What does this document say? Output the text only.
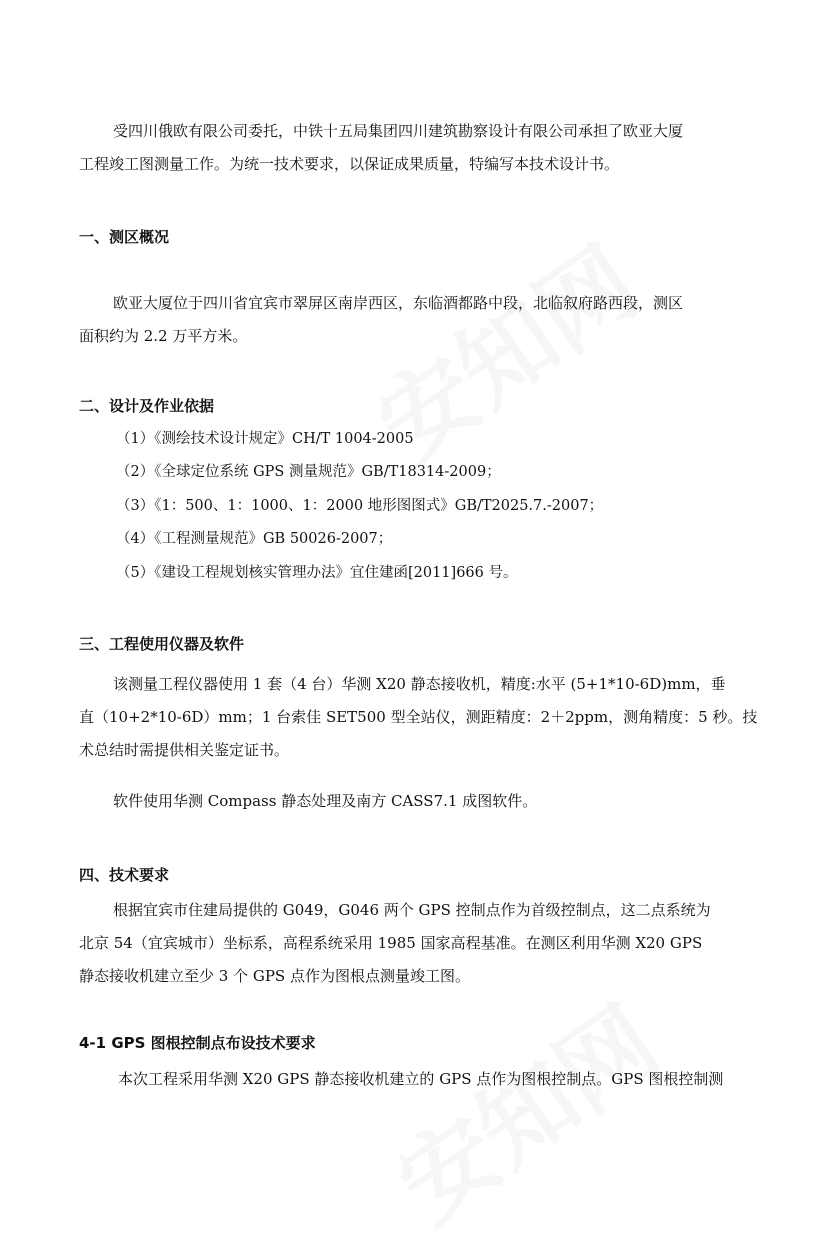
受四川俄欧有限公司委托，中铁十五局集团四川建筑勘察设计有限公司承担了欧亚大厦
工程竣工图测量工作。为统一技术要求，以保证成果质量，特编写本技术设计书。
一、测区概况
欧亚大厦位于四川省宜宾市翠屏区南岸西区，东临酒都路中段，北临叙府路西段，测区
面积约为 2.2 万平方米。
二、设计及作业依据
（1）《测绘技术设计规定》CH/T 1004-2005
（2）《全球定位系统 GPS 测量规范》GB/T18314-2009；
（3）《1：500、1：1000、1：2000 地形图图式》GB/T2025.7.-2007；
（4）《工程测量规范》GB 50026-2007；
（5）《建设工程规划核实管理办法》宜住建函[2011]666 号。
三、工程使用仪器及软件
该测量工程仪器使用 1 套（4 台）华测 X20 静态接收机，精度:水平 (5+1*10-6D)mm，垂
直（10+2*10-6D）mm；1 台索佳 SET500 型全站仪，测距精度：2＋2ppm，测角精度：5 秒。技
术总结时需提供相关鉴定证书。
软件使用华测 Compass 静态处理及南方 CASS7.1 成图软件。
四、技术要求
根据宜宾市住建局提供的 G049，G046 两个 GPS 控制点作为首级控制点，这二点系统为
北京 54（宜宾城市）坐标系，高程系统采用 1985 国家高程基准。在测区利用华测 X20 GPS
静态接收机建立至少 3 个 GPS 点作为图根点测量竣工图。
4-1 GPS 图根控制点布设技术要求
本次工程采用华测 X20 GPS 静态接收机建立的 GPS 点作为图根控制点。GPS 图根控制测
